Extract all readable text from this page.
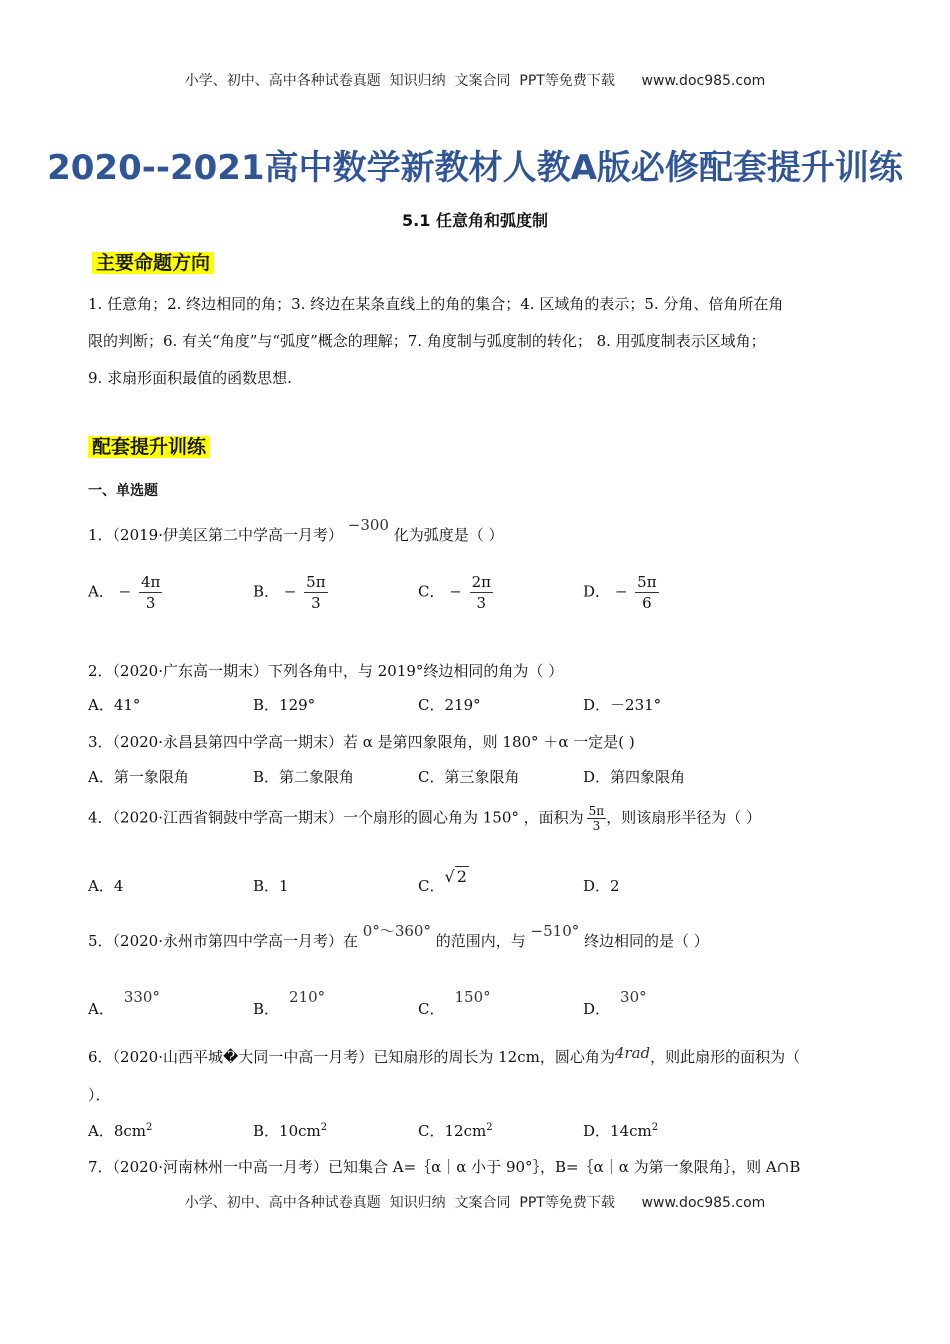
小学、初中、高中各种试卷真题  知识归纳  文案合同  PPT等免费下载      www.doc985.com
2020--2021高中数学新教材人教A版必修配套提升训练
5.1 任意角和弧度制
主要命题方向
1. 任意角；2. 终边相同的角；3. 终边在某条直线上的角的集合；4. 区域角的表示；5. 分角、倍角所在角
限的判断；6. 有关“角度”与“弧度”概念的理解；7. 角度制与弧度制的转化； 8. 用弧度制表示区域角；
9. 求扇形面积最值的函数思想.
配套提升训练
一、单选题
1．（2019·伊美区第二中学高一月考） −300 化为弧度是（ ）
A． − $\frac{4\pi}{3}$	B． − $\frac{5\pi}{3}$	C． − $\frac{2\pi}{3}$	D． − $\frac{5\pi}{6}$
2．（2020·广东高一期末）下列各角中，与 2019°终边相同的角为（ ）
A．41°	B．129°	C．219°	D．－231°
3．（2020·永昌县第四中学高一期末）若 α 是第四象限角，则 180° ＋α 一定是( )
A．第一象限角	B．第二象限角	C．第三象限角	D．第四象限角
4．（2020·江西省铜鼓中学高一期末）一个扇形的圆心角为 150° ，面积为 $\frac{5\pi}{3}$ ，则该扇形半径为（ ）
A．4	B．1	C．√ 2	D．2
5．（2020·永州市第四中学高一月考）在 0°～360° 的范围内，与 −510° 终边相同的是（ ）
A．330°
B．210°
C．150°
D．30°
6．（2020·山西平城�大同一中高一月考）已知扇形的周长为 12cm，圆心角为4rad，则此扇形的面积为（
）．
A．$8cm^2$	B．$10cm^2$	C．$12cm^2$	D．$14cm^2$
7．（2020·河南林州一中高一月考）已知集合 A=｛α｜α 小于 90°｝，B=｛α｜α 为第一象限角｝，则 A∩B
小学、初中、高中各种试卷真题  知识归纳  文案合同  PPT等免费下载      www.doc985.com
